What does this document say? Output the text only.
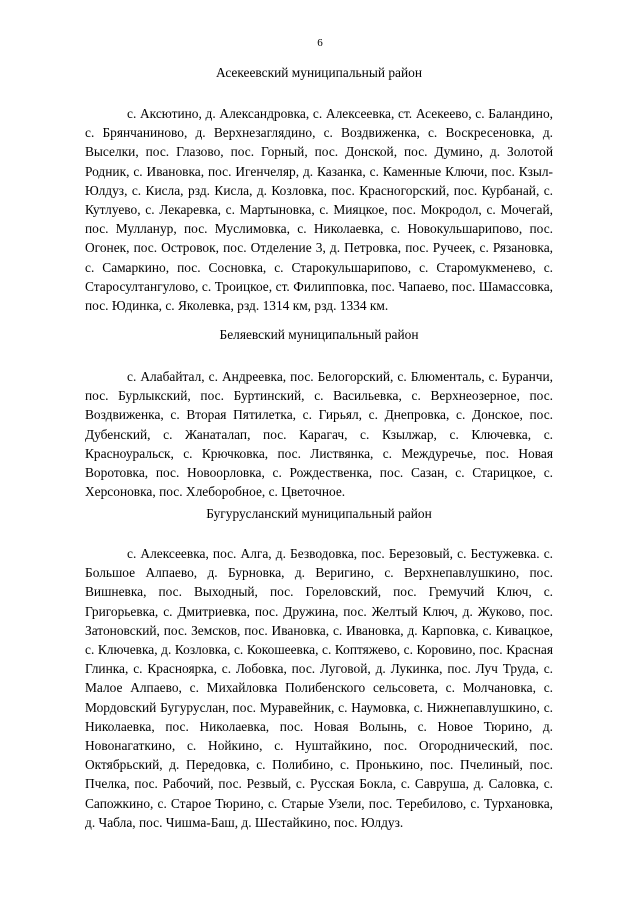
6
Асекеевский муниципальный район

с. Аксютино, д. Александровка, с. Алексеевка, ст. Асекеево, с. Баландино, с. Брянчаниново, д. Верхнезаглядино, с. Воздвиженка, с. Воскресеновка, д. Выселки, пос. Глазово, пос. Горный, пос. Донской, пос. Думино, д. Золотой Родник, с. Ивановка, пос. Игенчеляр, д. Казанка, с. Каменные Ключи, пос. Кзыл-Юлдуз, с. Кисла, рзд. Кисла, д. Козловка, пос. Красногорский, пос. Курбанай, с. Кутлуево, с. Лекаревка, с. Мартыновка, с. Мияцкое, пос. Мокродол, с. Мочегай, пос. Мулланур, пос. Муслимовка, с. Николаевка, с. Новокульшарипово, пос. Огонек, пос. Островок, пос. Отделение 3, д. Петровка, пос. Ручеек, с. Рязановка, с. Самаркино, пос. Сосновка, с. Старокульшарипово, с. Старомукменево, с. Старосултангулово, с. Троицкое, ст. Филипповка, пос. Чапаево, пос. Шамассовка, пос. Юдинка, с. Яколевка, рзд. 1314 км, рзд. 1334 км.

Беляевский муниципальный район

с. Алабайтал, с. Андреевка, пос. Белогорский, с. Блюменталь, с. Буранчи, пос. Бурлыкский, пос. Буртинский, с. Васильевка, с. Верхнеозерное, пос. Воздвиженка, с. Вторая Пятилетка, с. Гирьял, с. Днепровка, с. Донское, пос. Дубенский, с. Жанаталап, пос. Карагач, с. Кзылжар, с. Ключевка, с. Красноуральск, с. Крючковка, пос. Листвянка, с. Междуречье, пос. Новая Воротовка, пос. Новоорловка, с. Рождественка, пос. Сазан, с. Старицкое, с. Херсоновка, пос. Хлеборобное, с. Цветочное.

Бугурусланский муниципальный район

с. Алексеевка, пос. Алга, д. Безводовка, пос. Березовый, с. Бестужевка. с. Большое Алпаево, д. Бурновка, д. Веригино, с. Верхнепавлушкино, пос. Вишневка, пос. Выходный, пос. Гореловский, пос. Гремучий Ключ, с. Григорьевка, с. Дмитриевка, пос. Дружина, пос. Желтый Ключ, д. Жуково, пос. Затоновский, пос. Земсков, пос. Ивановка, с. Ивановка, д. Карповка, с. Кивацкое, с. Ключевка, д. Козловка, с. Кокошеевка, с. Коптяжево, с. Коровино, пос. Красная Глинка, с. Красноярка, с. Лобовка, пос. Луговой, д. Лукинка, пос. Луч Труда, с. Малое Алпаево, с. Михайловка Полибенского сельсовета, с. Молчановка, с. Мордовский Бугуруслан, пос. Муравейник, с. Наумовка, с. Нижнепавлушкино, с. Николаевка, пос. Николаевка, пос. Новая Волынь, с. Новое Тюрино, д. Новонагаткино, с. Нойкино, с. Нуштайкино, пос. Огороднический, пос. Октябрьский, д. Передовка, с. Полибино, с. Пронькино, пос. Пчелиный, пос. Пчелка, пос. Рабочий, пос. Резвый, с. Русская Бокла, с. Савруша, д. Саловка, с. Сапожкино, с. Старое Тюрино, с. Старые Узели, пос. Теребилово, с. Турхановка, д. Чабла, пос. Чишма-Баш, д. Шестайкино, пос. Юлдуз.
